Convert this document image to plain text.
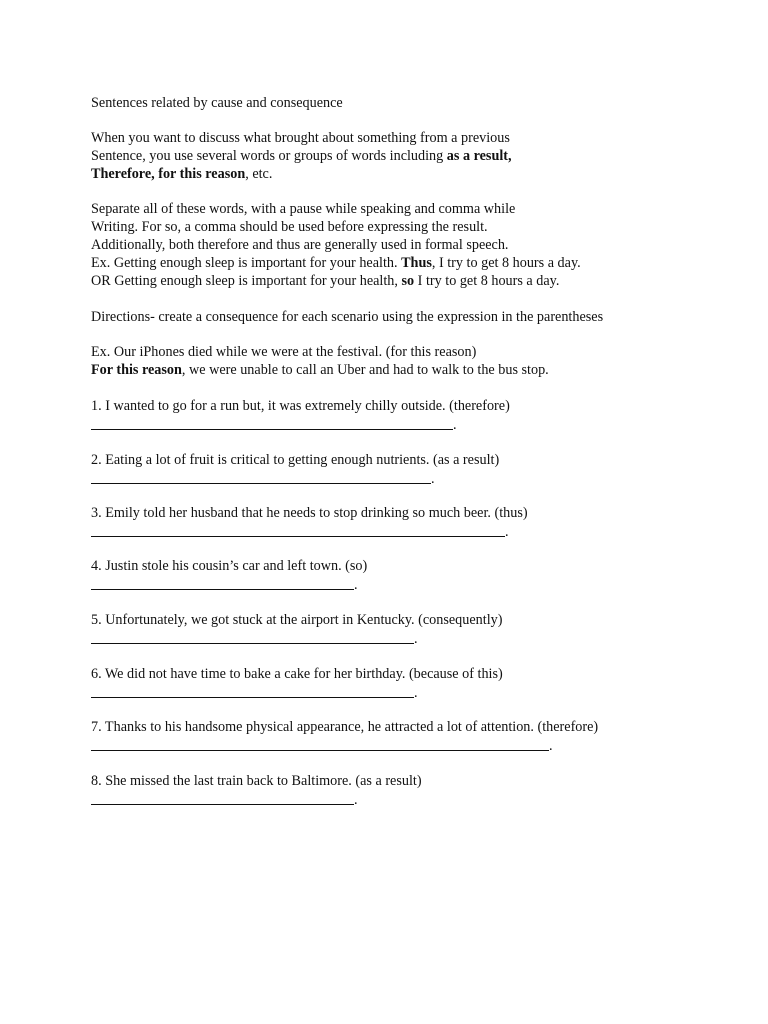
Sentences related by cause and consequence

When you want to discuss what brought about something from a previous

Sentence, you use several words or groups of words including as a result,

Therefore, for this reason, etc.

Separate all of these words, with a pause while speaking and comma while

Writing. For so, a comma should be used before expressing the result.

Additionally, both therefore and thus are generally used in formal speech.

Ex. Getting enough sleep is important for your health. Thus, I try to get 8 hours a day.

OR Getting enough sleep is important for your health, so I try to get 8 hours a day.

Directions- create a consequence for each scenario using the expression in the parentheses

Ex. Our iPhones died while we were at the festival. (for this reason)

For this reason, we were unable to call an Uber and had to walk to the bus stop.

1. I wanted to go for a run but, it was extremely chilly outside. (therefore)

.

2. Eating a lot of fruit is critical to getting enough nutrients. (as a result)

.

3. Emily told her husband that he needs to stop drinking so much beer. (thus)

.

4. Justin stole his cousin’s car and left town. (so)

.

5. Unfortunately, we got stuck at the airport in Kentucky. (consequently)

.

6. We did not have time to bake a cake for her birthday. (because of this)

.

7. Thanks to his handsome physical appearance, he attracted a lot of attention. (therefore)

.

8. She missed the last train back to Baltimore. (as a result)

.
